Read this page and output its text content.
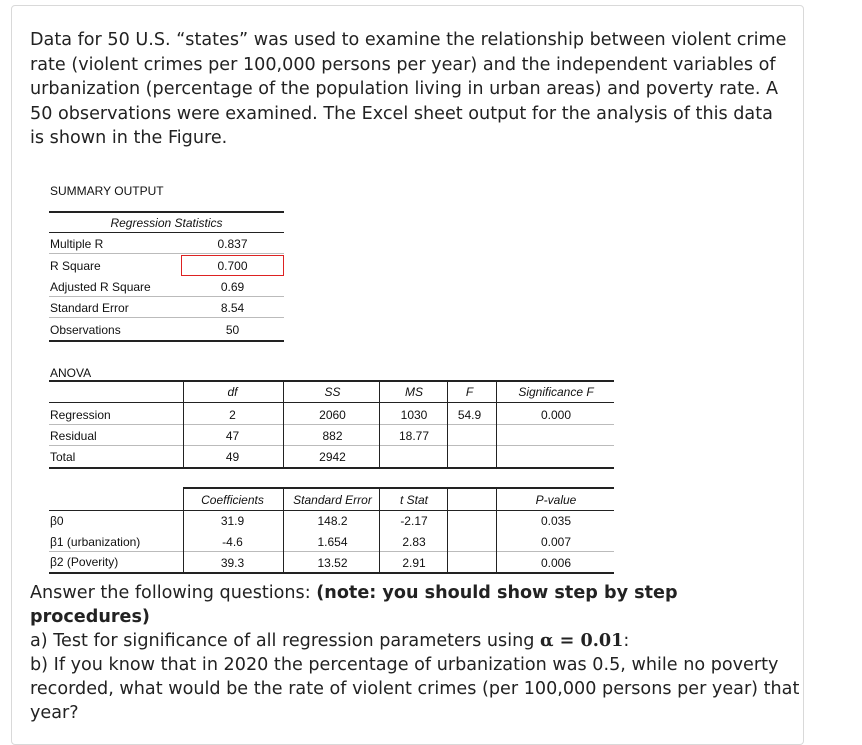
Data for 50 U.S. “states” was used to examine the relationship between violent crime rate (violent crimes per 100,000 persons per year) and the independent variables of urbanization (percentage of the population living in urban areas) and poverty rate. A 50 observations were examined. The Excel sheet output for the analysis of this data is shown in the Figure.
SUMMARY OUTPUT
Regression Statistics
Multiple R	0.837
R Square	0.700
Adjusted R Square	0.69
Standard Error	8.54
Observations	50
ANOVA
df	SS	MS	F	Significance F
Regression	2	2060	1030	54.9	0.000
Residual	47	882	18.77
Total	49	2942
Coefficients	Standard Error	t Stat	P-value
β0	31.9	148.2	-2.17	0.035
β1 (urbanization)	-4.6	1.654	2.83	0.007
β2 (Poverity)	39.3	13.52	2.91	0.006
Answer the following questions: (note: you should show step by step procedures)
a) Test for significance of all regression parameters using α = 0.01:
b) If you know that in 2020 the percentage of urbanization was 0.5, while no poverty recorded, what would be the rate of violent crimes (per 100,000 persons per year) that year?
